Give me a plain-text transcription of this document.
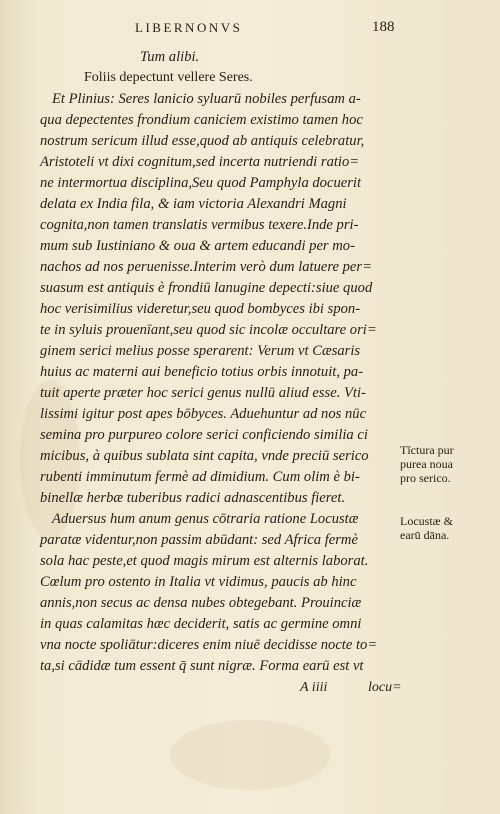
LIBERNONVS	188
Tum alibi.
Foliis depectunt vellere Seres.
Et Plinius: Seres lanicio syluarū nobiles perfusam a-
qua depectentes frondium caniciem existimo tamen hoc
nostrum sericum illud esse,quod ab antiquis celebratur,
Aristoteli vt dixi cognitum,sed incerta nutriendi ratio=
ne intermortua disciplina,Seu quod Pamphyla docuerit
delata ex India fila, & iam victoria Alexandri Magni
cognita,non tamen translatis vermibus texere.Inde pri-
mum sub Iustiniano & oua & artem educandi per mo-
nachos ad nos peruenisse.Interim verò dum latuere per=
suasum est antiquis è frondiū lanugine depecti:siue quod
hoc verisimilius videretur,seu quod bombyces ibi spon-
te in syluis prouenīant,seu quod sic incolæ occultare ori=
ginem serici melius posse sperarent: Verum vt Cæsaris
huius ac materni aui beneficio totius orbis innotuit, pa-
tuit aperte præter hoc serici genus nullū aliud esse. Vti-
lissimi igitur post apes bōbyces. Aduehuntur ad nos nūc
semina pro purpureo colore serici conficiendo similia ci
micibus, à quibus sublata sint capita, vnde preciū serico
rubenti imminutum fermè ad dimidium. Cum olim è bi-
binellæ herbæ tuberibus radici adnascentibus fieret.
Aduersus hum anum genus cōtraria ratione Locustæ
paratæ videntur,non passim abūdant: sed Africa fermè
sola hac peste,et quod magis mirum est alternis laborat.
Cœlum pro ostento in Italia vt vidimus, paucis ab hinc
annis,non secus ac densa nubes obtegebant. Prouinciæ
in quas calamitas hæc deciderit, satis ac germine omni
vna nocte spoliātur:diceres enim niuē decidisse nocte to=
ta,si cādidæ tum essent q̄ sunt nigræ. Forma earū est vt
A iiii	locu=
Tĭctura pur
purea noua
pro serico.
Locustæ &
earū dāna.
